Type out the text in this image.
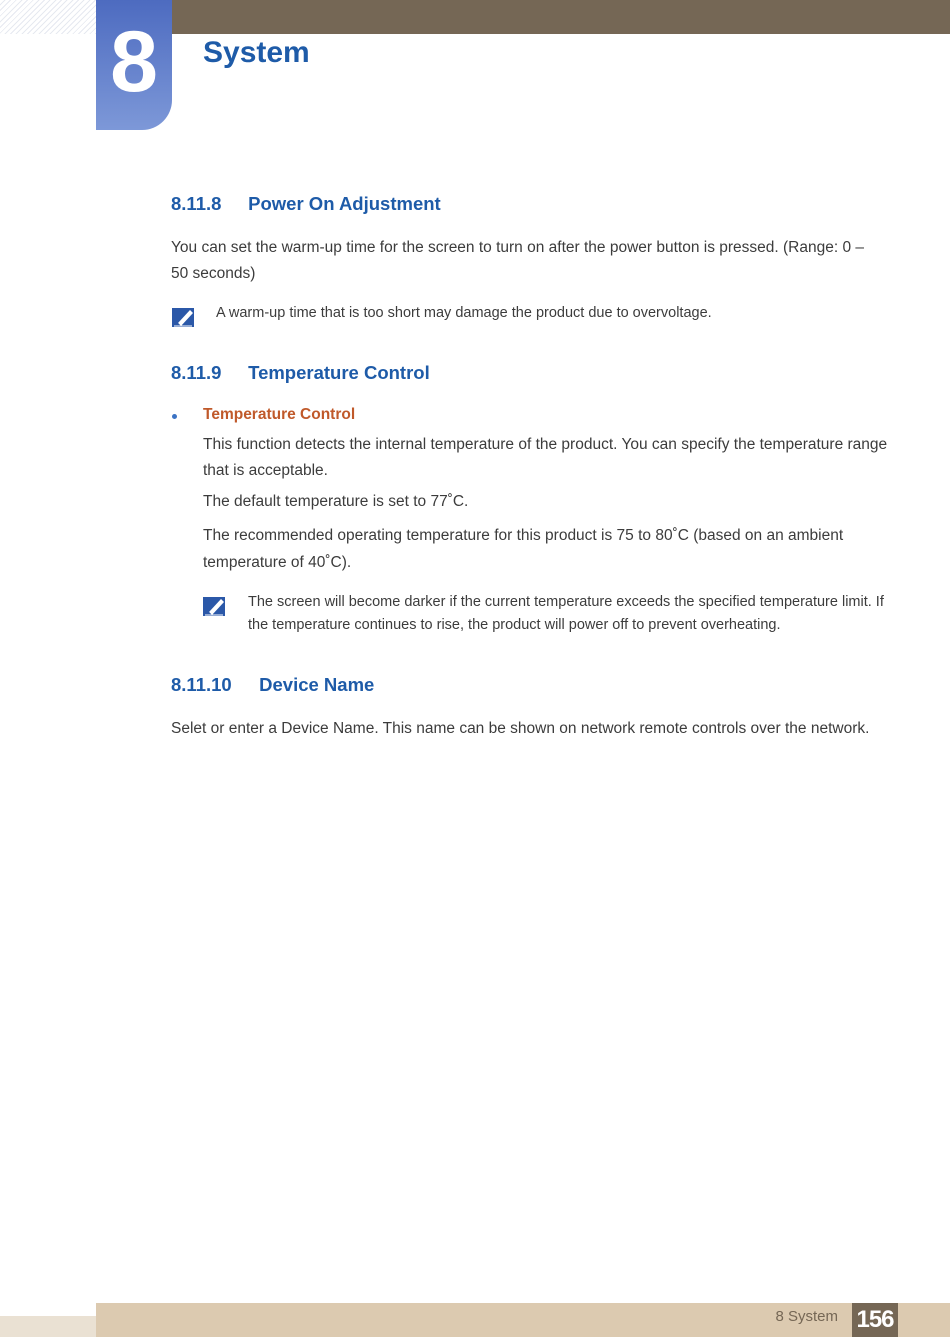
8	System
8.11.8 Power On Adjustment
You can set the warm-up time for the screen to turn on after the power button is pressed. (Range: 0 – 50 seconds)
A warm-up time that is too short may damage the product due to overvoltage.
8.11.9 Temperature Control
Temperature Control
This function detects the internal temperature of the product. You can specify the temperature range that is acceptable.
The default temperature is set to 77˚C.
The recommended operating temperature for this product is 75 to 80˚C (based on an ambient temperature of 40˚C).
The screen will become darker if the current temperature exceeds the specified temperature limit. If the temperature continues to rise, the product will power off to prevent overheating.
8.11.10 Device Name
Selet or enter a Device Name. This name can be shown on network remote controls over the network.
8 System 156
